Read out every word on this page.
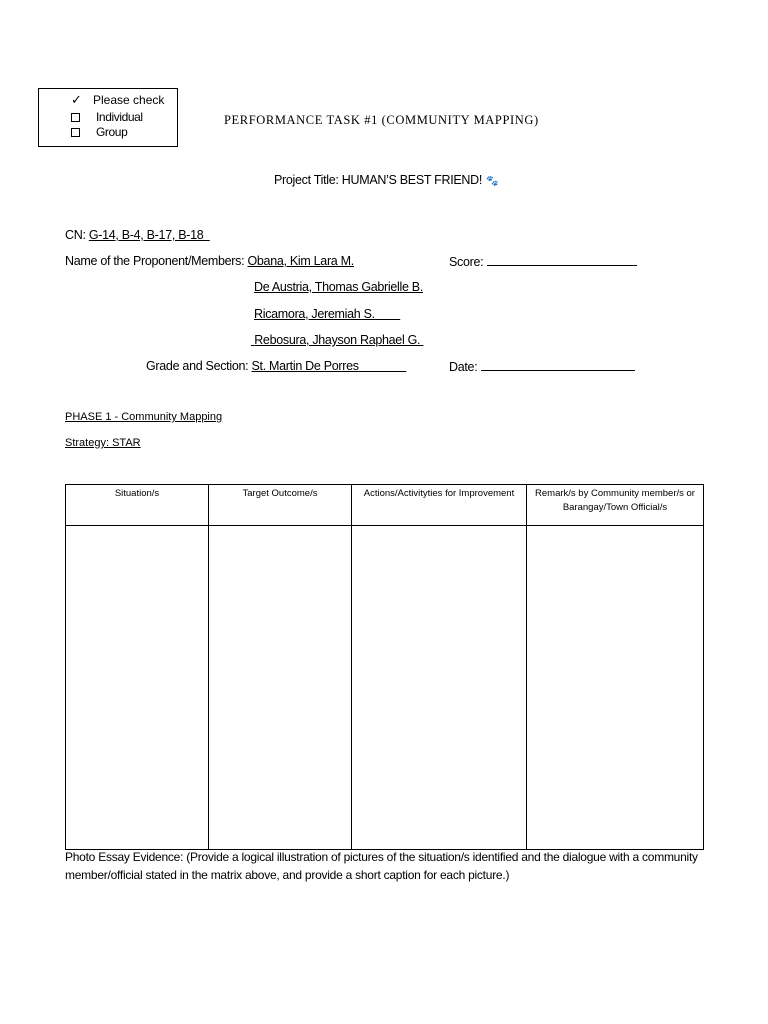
✓ Please check
Individual
Group
PERFORMANCE TASK #1 (COMMUNITY MAPPING)
Project Title: HUMAN’S BEST FRIEND! 🐾
CN: G-14, B-4, B-17, B-18
Name of the Proponent/Members: Obana, Kim Lara M.	Score:
De Austria, Thomas Gabrielle B.
Ricamora, Jeremiah S.
Rebosura, Jhayson Raphael G.
Grade and Section: St. Martin De Porres	Date:
PHASE 1 - Community Mapping
Strategy: STAR
Situation/s	Target Outcome/s	Actions/Activityties for Improvement	Remark/s by Community member/s or Barangay/Town Official/s

Photo Essay Evidence: (Provide a logical illustration of pictures of the situation/s identified and the dialogue with a community member/official stated in the matrix above, and provide a short caption for each picture.)
